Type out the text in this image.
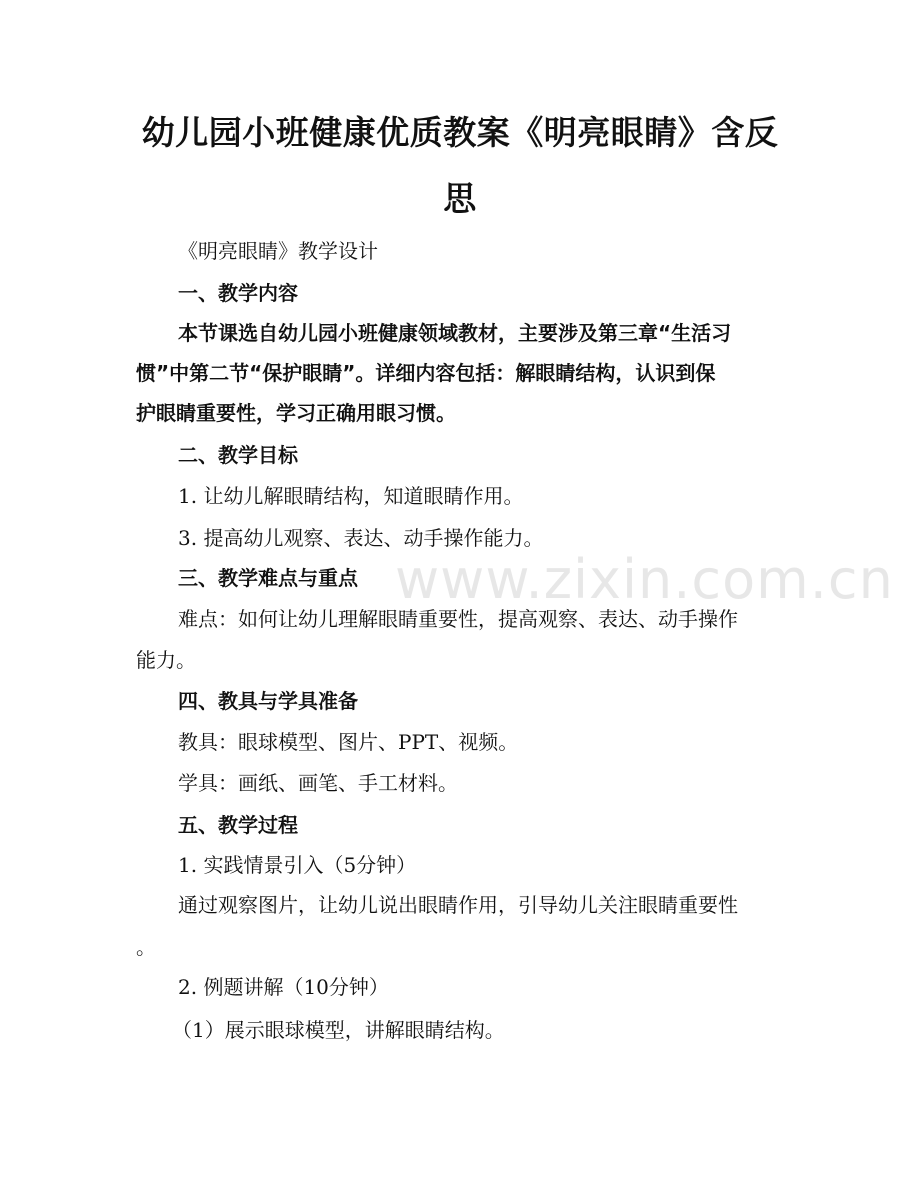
幼儿园小班健康优质教案《明亮眼睛》含反思
www.zixin.com.cn
《明亮眼睛》教学设计
一、教学内容
本节课选自幼儿园小班健康领域教材，主要涉及第三章“生活习
惯”中第二节“保护眼睛”。详细内容包括：解眼睛结构，认识到保
护眼睛重要性，学习正确用眼习惯。
二、教学目标
1. 让幼儿解眼睛结构，知道眼睛作用。
3. 提高幼儿观察、表达、动手操作能力。
三、教学难点与重点
难点：如何让幼儿理解眼睛重要性，提高观察、表达、动手操作
能力。
四、教具与学具准备
教具：眼球模型、图片、PPT、视频。
学具：画纸、画笔、手工材料。
五、教学过程
1. 实践情景引入（5分钟）
通过观察图片，让幼儿说出眼睛作用，引导幼儿关注眼睛重要性
。
2. 例题讲解（10分钟）
（1）展示眼球模型，讲解眼睛结构。
